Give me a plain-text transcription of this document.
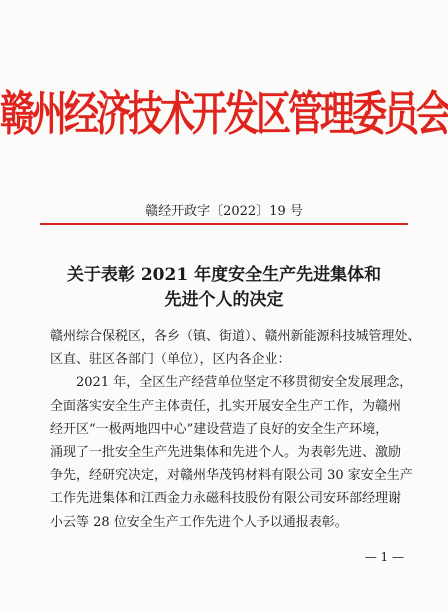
赣州经济技术开发区管理委员会
赣经开政字〔2022〕19 号
关于表彰 2021 年度安全生产先进集体和
先进个人的决定
赣州综合保税区，各乡（镇、街道）、赣州新能源科技城管理处、
区直、驻区各部门（单位），区内各企业：
2021 年，全区生产经营单位坚定不移贯彻安全发展理念，
全面落实安全生产主体责任，扎实开展安全生产工作，为赣州
经开区“一极两地四中心”建设营造了良好的安全生产环境，
涌现了一批安全生产先进集体和先进个人。为表彰先进、激励
争先，经研究决定，对赣州华茂钨材料有限公司 30 家安全生产
工作先进集体和江西金力永磁科技股份有限公司安环部经理谢
小云等 28 位安全生产工作先进个人予以通报表彰。
— 1 —
